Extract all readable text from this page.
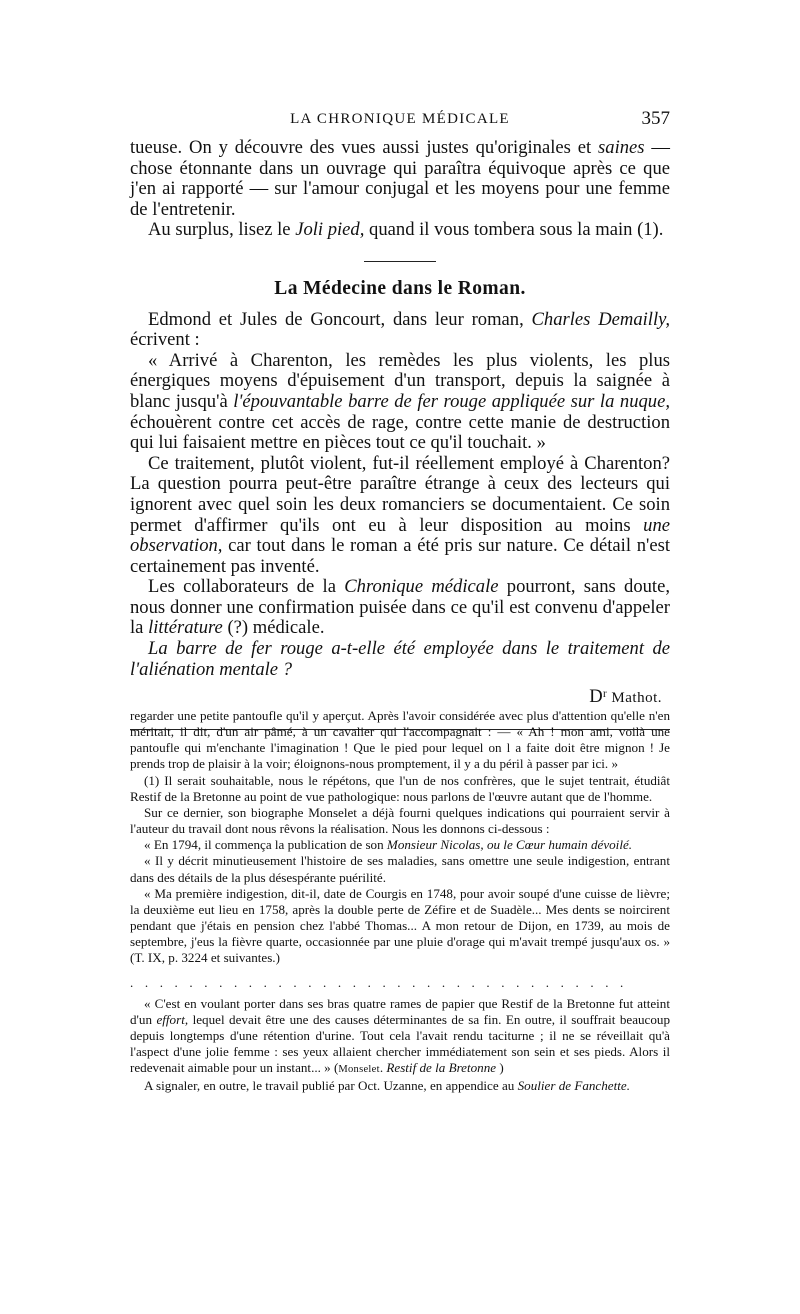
LA CHRONIQUE MÉDICALE	357

tueuse. On y découvre des vues aussi justes qu'originales et saines — chose étonnante dans un ouvrage qui paraîtra équivoque après ce que j'en ai rapporté — sur l'amour conjugal et les moyens pour une femme de l'entretenir.

Au surplus, lisez le Joli pied, quand il vous tombera sous la main (1).

La Médecine dans le Roman.

Edmond et Jules de Goncourt, dans leur roman, Charles Demailly, écrivent :

« Arrivé à Charenton, les remèdes les plus violents, les plus énergiques moyens d'épuisement d'un transport, depuis la saignée à blanc jusqu'à l'épouvantable barre de fer rouge appliquée sur la nuque, échouèrent contre cet accès de rage, contre cette manie de destruction qui lui faisaient mettre en pièces tout ce qu'il touchait. »

Ce traitement, plutôt violent, fut-il réellement employé à Charenton? La question pourra peut-être paraître étrange à ceux des lecteurs qui ignorent avec quel soin les deux romanciers se documentaient. Ce soin permet d'affirmer qu'ils ont eu à leur disposition au moins une observation, car tout dans le roman a été pris sur nature. Ce détail n'est certainement pas inventé.

Les collaborateurs de la Chronique médicale pourront, sans doute, nous donner une confirmation puisée dans ce qu'il est convenu d'appeler la littérature (?) médicale.

La barre de fer rouge a-t-elle été employée dans le traitement de l'aliénation mentale ?

Dʳ Mathot.

regarder une petite pantoufle qu'il y aperçut. Après l'avoir considérée avec plus d'attention qu'elle n'en méritait, il dit, d'un air pâmé, à un cavalier qui l'accompagnait : — « Ah ! mon ami, voilà une pantoufle qui m'enchante l'imagination ! Que le pied pour lequel on l a faite doit être mignon ! Je prends trop de plaisir à la voir; éloignons-nous promptement, il y a du péril à passer par ici. »

(1) Il serait souhaitable, nous le répétons, que l'un de nos confrères, que le sujet tentrait, étudiât Restif de la Bretonne au point de vue pathologique: nous parlons de l'œuvre autant que de l'homme.

Sur ce dernier, son biographe Monselet a déjà fourni quelques indications qui pourraient servir à l'auteur du travail dont nous rêvons la réalisation. Nous les donnons ci-dessous :

« En 1794, il commença la publication de son Monsieur Nicolas, ou le Cœur humain dévoilé.

« Il y décrit minutieusement l'histoire de ses maladies, sans omettre une seule indigestion, entrant dans des détails de la plus désespérante puérilité.

« Ma première indigestion, dit-il, date de Courgis en 1748, pour avoir soupé d'une cuisse de lièvre; la deuxième eut lieu en 1758, après la double perte de Zéfire et de Suadèle... Mes dents se noircirent pendant que j'étais en pension chez l'abbé Thomas... A mon retour de Dijon, en 1739, au mois de septembre, j'eus la fièvre quarte, occasionnée par une pluie d'orage qui m'avait trempé jusqu'aux os. » (T. IX, p. 3224 et suivantes.)

..................................

« C'est en voulant porter dans ses bras quatre rames de papier que Restif de la Bretonne fut atteint d'un effort, lequel devait être une des causes déterminantes de sa fin. En outre, il souffrait beaucoup depuis longtemps d'une rétention d'urine. Tout cela l'avait rendu taciturne ; il ne se réveillait qu'à l'aspect d'une jolie femme : ses yeux allaient chercher immédiatement son sein et ses pieds. Alors il redevenait aimable pour un instant... » (Monselet. Restif de la Bretonne )

A signaler, en outre, le travail publié par Oct. Uzanne, en appendice au Soulier de Fanchette.
